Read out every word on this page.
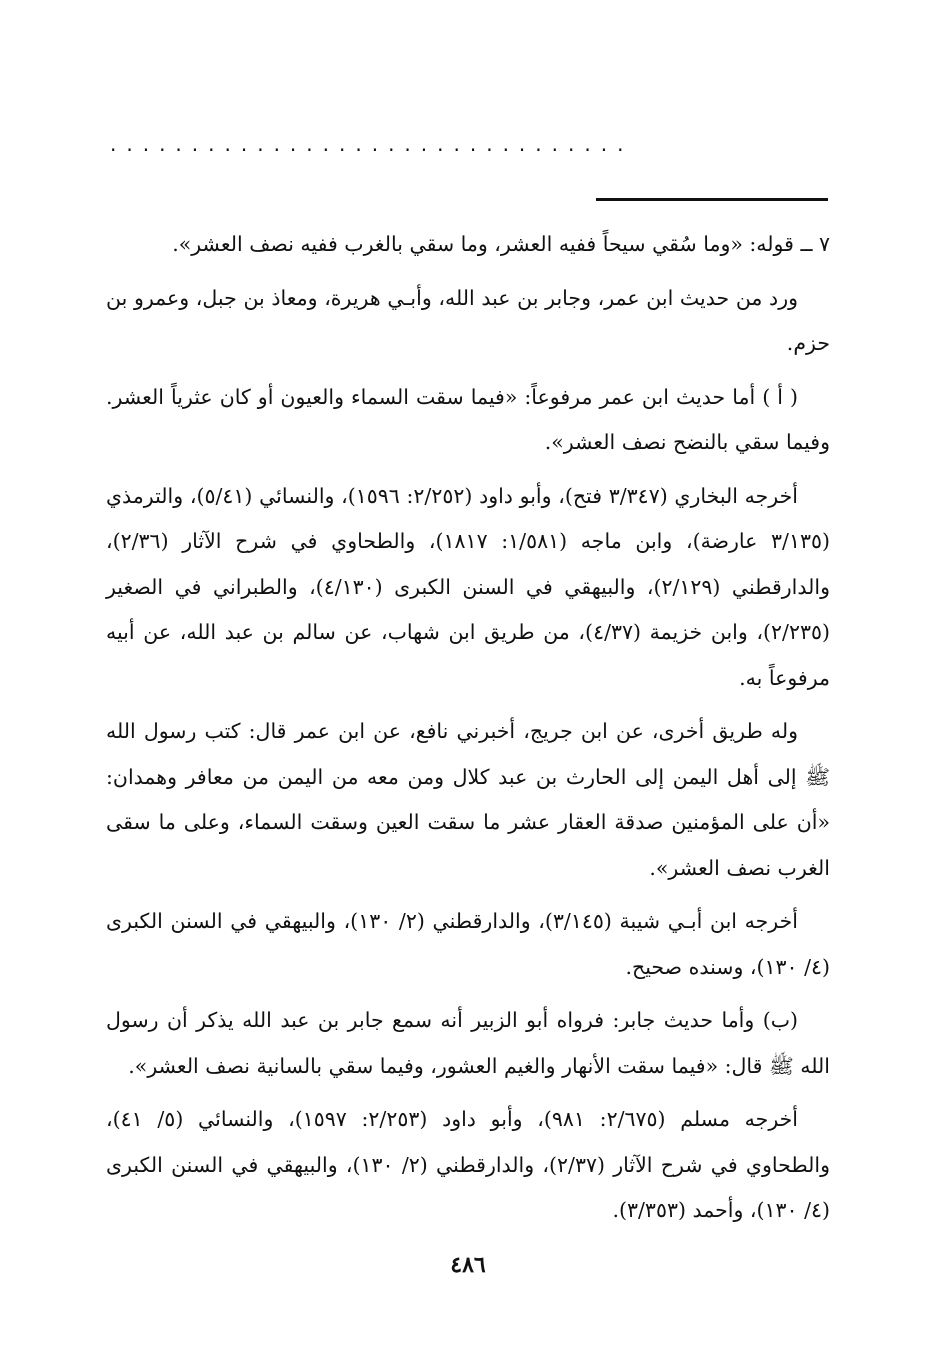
................................

٧ ــ قوله: «وما سُقي سيحاً ففيه العشر، وما سقي بالغرب ففيه نصف العشر».

ورد من حديث ابن عمر، وجابر بن عبد الله، وأبـي هريرة، ومعاذ بن جبل، وعمرو بن حزم.

( أ ) أما حديث ابن عمر مرفوعاً: «فيما سقت السماء والعيون أو كان عثرياً العشر. وفيما سقي بالنضح نصف العشر».

أخرجه البخاري (٣/٣٤٧ فتح)، وأبو داود (٢/٢٥٢: ١٥٩٦)، والنسائي (٥/٤١)، والترمذي (٣/١٣٥ عارضة)، وابن ماجه (١/٥٨١: ١٨١٧)، والطحاوي في شرح الآثار (٢/٣٦)، والدارقطني (٢/١٢٩)، والبيهقي في السنن الكبرى (٤/١٣٠)، والطبراني في الصغير (٢/٢٣٥)، وابن خزيمة (٤/٣٧)، من طريق ابن شهاب، عن سالم بن عبد الله، عن أبيه مرفوعاً به.

وله طريق أخرى، عن ابن جريج، أخبرني نافع، عن ابن عمر قال: كتب رسول الله ﷺ إلى أهل اليمن إلى الحارث بن عبد كلال ومن معه من اليمن من معافر وهمدان: «أن على المؤمنين صدقة العقار عشر ما سقت العين وسقت السماء، وعلى ما سقى الغرب نصف العشر».

أخرجه ابن أبـي شيبة (٣/١٤٥)، والدارقطني (٢/ ١٣٠)، والبيهقي في السنن الكبرى (٤/ ١٣٠)، وسنده صحيح.

(ب) وأما حديث جابر: فرواه أبو الزبير أنه سمع جابر بن عبد الله يذكر أن رسول الله ﷺ قال: «فيما سقت الأنهار والغيم العشور، وفيما سقي بالسانية نصف العشر».

أخرجه مسلم (٢/٦٧٥: ٩٨١)، وأبو داود (٢/٢٥٣: ١٥٩٧)، والنسائي (٥/ ٤١)، والطحاوي في شرح الآثار (٢/٣٧)، والدارقطني (٢/ ١٣٠)، والبيهقي في السنن الكبرى (٤/ ١٣٠)، وأحمد (٣/٣٥٣).

٤٨٦
